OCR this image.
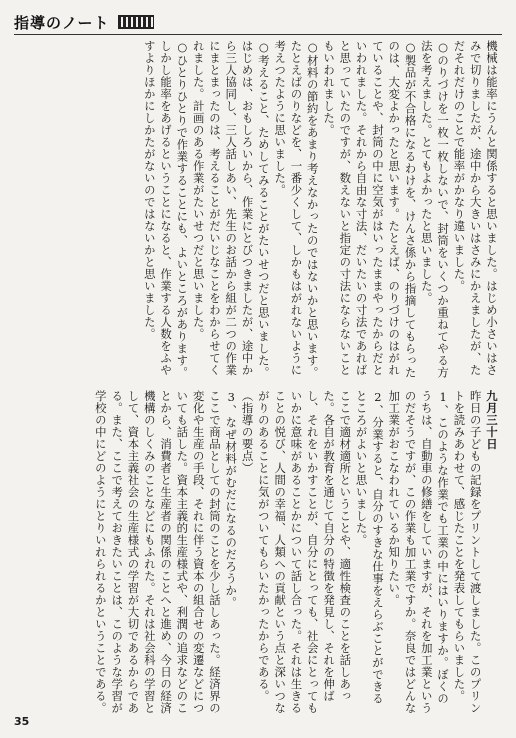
指導のノート

機械は能率にうんと関係すると思いました。はじめ小さいはさみで切りましたが、途中から大きいはさみにかえましたが、ただそれだけのことで能率がかなり違いました。

○のりづけを一枚一枚しないで、封筒をいくつか重ねてやる方法を考えました。とてもよかったと思いました。

○製品が不合格になるわけを、けんさ係から指摘してもらったのは、大変よかったと思います。たとえば、のりづけのはがれていることや、封筒の中に空気がはいったままやったからだといわれました。それから自由な寸法、だいたいの寸法であればと思っていたのですが、数えないと指定の寸法にならないこともいわれました。

○材料の節約をあまり考えなかったのではないかと思います。たとえばのりなどを、一番少くして、しかもはがれないように考えつたように思いました。

○考えること、ためしてみることがたいせつだと思いました。はじめは、おもしろいから、作業にとびつきましたが、途中から三人協同し、三人話しあい、先生のお話から組が二つの作業にまとまったのは、考えることがだいじなことをわからせてくれました。計画のある作業がたいせつだと思いました。

○ひとりひとりで作業することにも、よいところがあります。しかし能率をあげるということになると、作業する人数をふやすよりほかにしかたがないのではないかと思いました。

九月三十日

昨日の子どもの記録をプリントして渡しました。このプリントを読みあわせて、感じたことを発表してもらいました。

1、このような作業でも工業の中にはいりますか。ぼくのうちは、自動車の修繕をしていますが、それを加工業というのだそうですが、この作業も加工業ですか。奈良ではどんな加工業がおこなわれているか知りたい。

2、分業すると、自分のすきな仕事をえらぶことができるところがよいと思いました。

ここで適材適所ということや、適性検査のことを話しあった。各自が教育を通じて自分の特徴を発見し、それを伸ばし、それをいかすことが、自分にとっても、社会にとってもいかに意味があることかについて話し合った。それは生きることの悦び、人間の幸福、人類への貢献という点と深いつながりのあることに気がついてもらいたかったからである。（指導の要点）

3、なぜ材料がむだになるのだろうか。

ここで商品としての封筒のことを少し話しあった。経済界の変化や生産の手段、それに伴う資本の組合せの変遷などについても話した。資本主義的生産様式や、利潤の追求などのことから、消費者と生産者の関係のことへと進め、今日の経済機構のしくみのことなどにもふれた。それは社会科の学習として、資本主義社会の生産様式の学習が大切であるからである。また、ここで考えておきたいことは、このような学習が学校の中にどのようにとりいれられるかということである。

35
